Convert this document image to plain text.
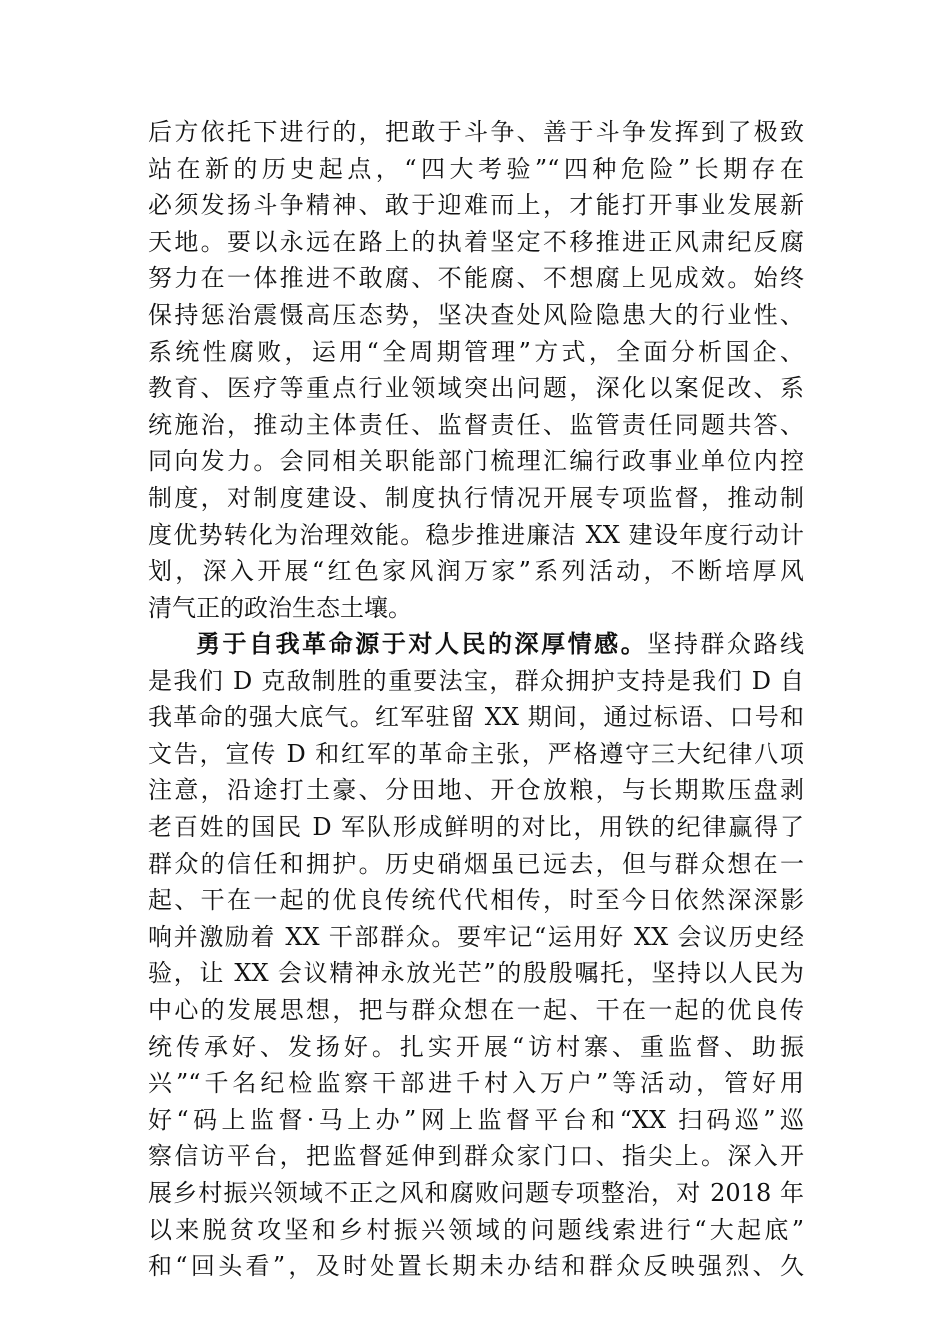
后方依托下进行的，把敢于斗争、善于斗争发挥到了极致
站在新的历史起点，“四大考验”“四种危险”长期存在
必须发扬斗争精神、敢于迎难而上，才能打开事业发展新
天地。要以永远在路上的执着坚定不移推进正风肃纪反腐
努力在一体推进不敢腐、不能腐、不想腐上见成效。始终
保持惩治震慑高压态势，坚决查处风险隐患大的行业性、
系统性腐败，运用“全周期管理”方式，全面分析国企、
教育、医疗等重点行业领域突出问题，深化以案促改、系
统施治，推动主体责任、监督责任、监管责任同题共答、
同向发力。会同相关职能部门梳理汇编行政事业单位内控
制度，对制度建设、制度执行情况开展专项监督，推动制
度优势转化为治理效能。稳步推进廉洁 XX 建设年度行动计
划，深入开展“红色家风润万家”系列活动，不断培厚风
清气正的政治生态土壤。
勇于自我革命源于对人民的深厚情感。坚持群众路线
是我们 D 克敌制胜的重要法宝，群众拥护支持是我们 D 自
我革命的强大底气。红军驻留 XX 期间，通过标语、口号和
文告，宣传 D 和红军的革命主张，严格遵守三大纪律八项
注意，沿途打土豪、分田地、开仓放粮，与长期欺压盘剥
老百姓的国民 D 军队形成鲜明的对比，用铁的纪律赢得了
群众的信任和拥护。历史硝烟虽已远去，但与群众想在一
起、干在一起的优良传统代代相传，时至今日依然深深影
响并激励着 XX 干部群众。要牢记“运用好 XX 会议历史经
验，让 XX 会议精神永放光芒”的殷殷嘱托，坚持以人民为
中心的发展思想，把与群众想在一起、干在一起的优良传
统传承好、发扬好。扎实开展“访村寨、重监督、助振
兴”“千名纪检监察干部进千村入万户”等活动，管好用
好“码上监督·马上办”网上监督平台和“XX 扫码巡”巡
察信访平台，把监督延伸到群众家门口、指尖上。深入开
展乡村振兴领域不正之风和腐败问题专项整治，对 2018 年
以来脱贫攻坚和乡村振兴领域的问题线索进行“大起底”
和“回头看”，及时处置长期未办结和群众反映强烈、久
